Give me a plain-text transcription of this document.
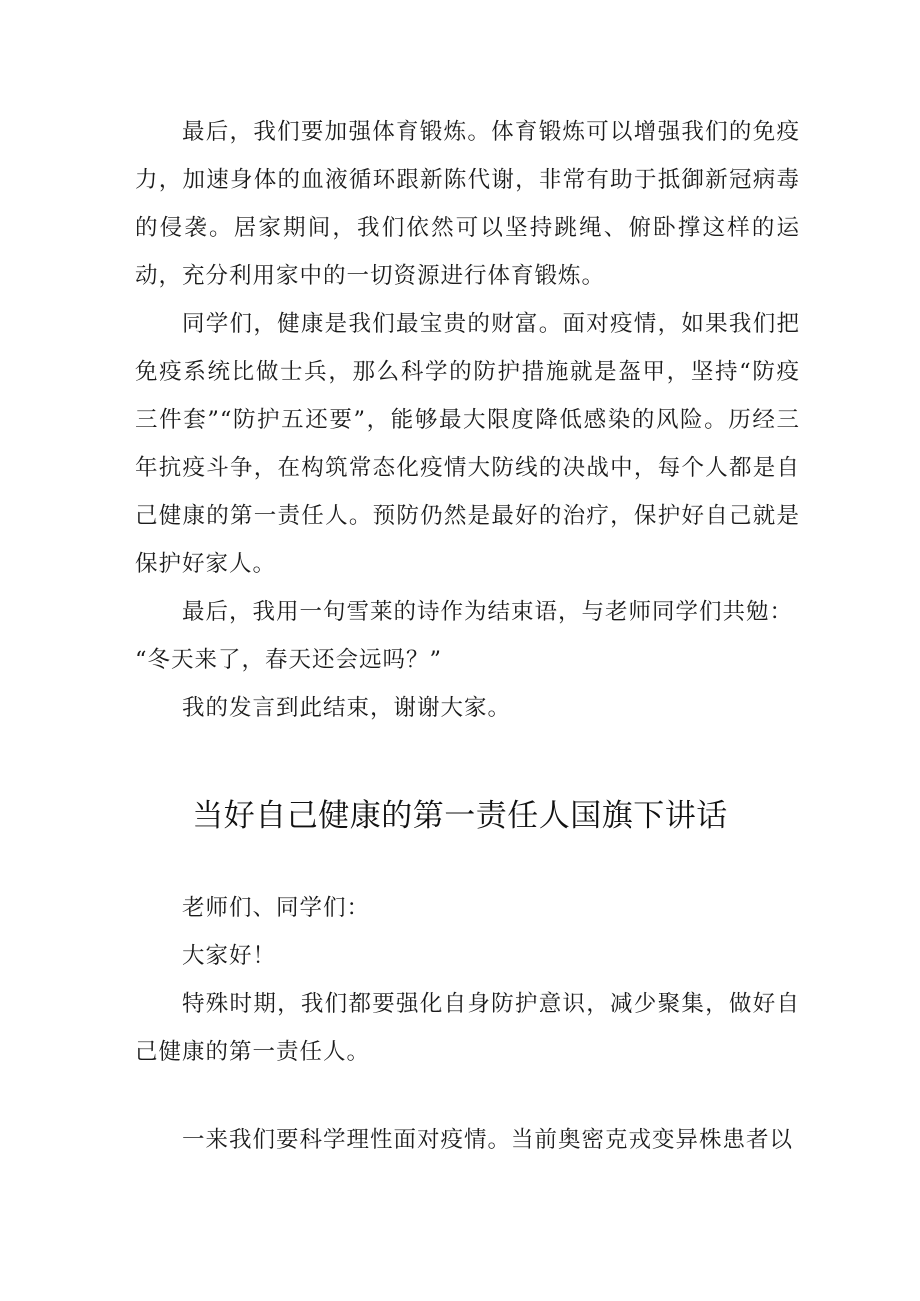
最后，我们要加强体育锻炼。体育锻炼可以增强我们的免疫力，加速身体的血液循环跟新陈代谢，非常有助于抵御新冠病毒的侵袭。居家期间，我们依然可以坚持跳绳、俯卧撑这样的运动，充分利用家中的一切资源进行体育锻炼。

同学们，健康是我们最宝贵的财富。面对疫情，如果我们把免疫系统比做士兵，那么科学的防护措施就是盔甲，坚持“防疫三件套”“防护五还要”，能够最大限度降低感染的风险。历经三年抗疫斗争，在构筑常态化疫情大防线的决战中，每个人都是自己健康的第一责任人。预防仍然是最好的治疗，保护好自己就是保护好家人。

最后，我用一句雪莱的诗作为结束语，与老师同学们共勉：

“冬天来了，春天还会远吗？”

我的发言到此结束，谢谢大家。

当好自己健康的第一责任人国旗下讲话

老师们、同学们：

大家好！

特殊时期，我们都要强化自身防护意识，减少聚集，做好自己健康的第一责任人。

一来我们要科学理性面对疫情。当前奥密克戎变异株患者以
